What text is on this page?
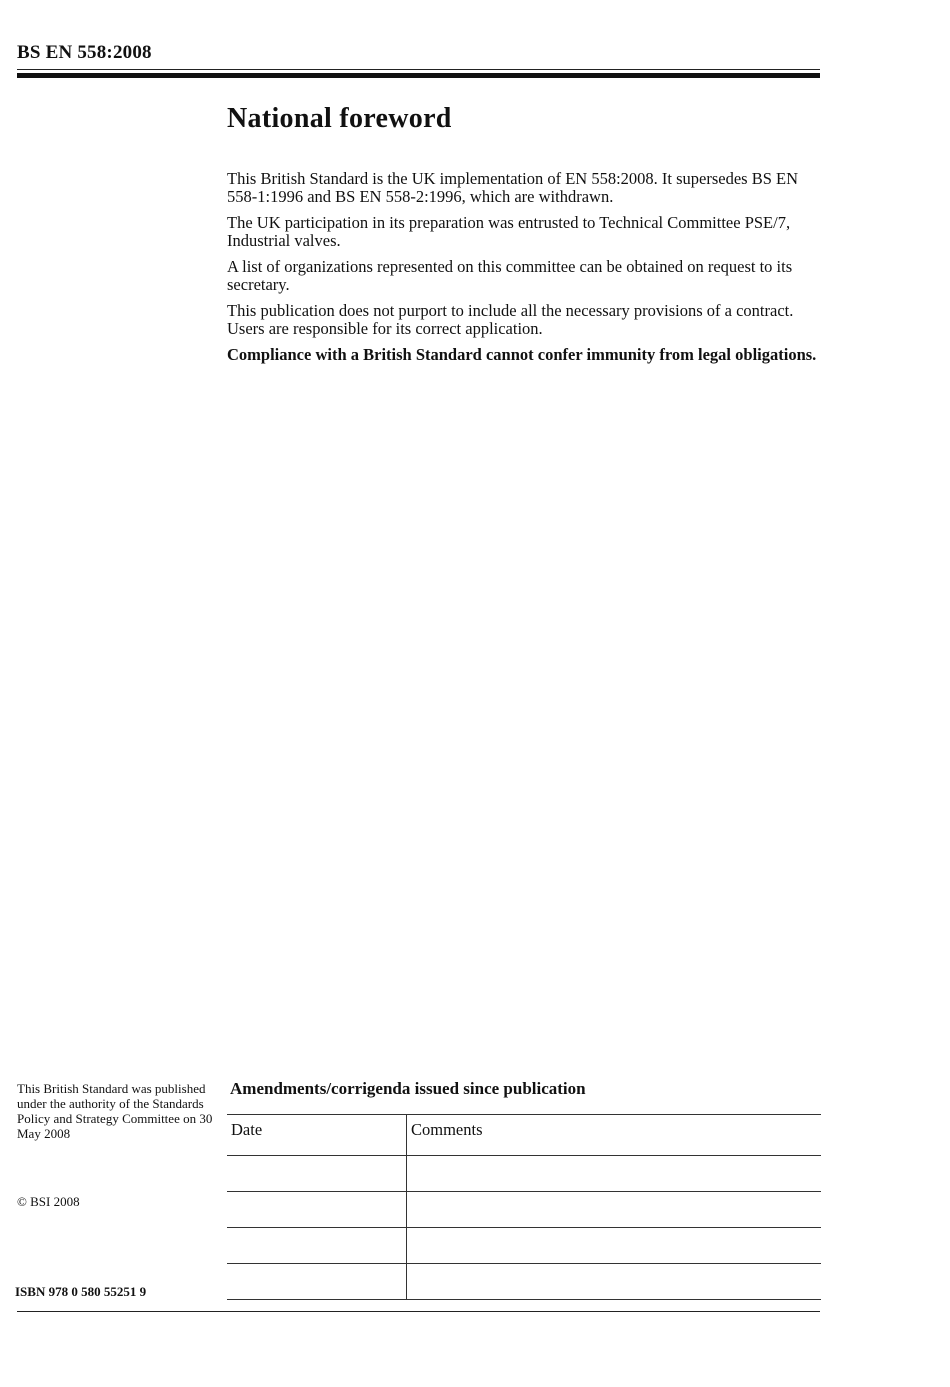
BS EN 558:2008
National foreword

This British Standard is the UK implementation of EN 558:2008. It supersedes BS EN 558-1:1996 and BS EN 558-2:1996, which are withdrawn.

The UK participation in its preparation was entrusted to Technical Committee PSE/7, Industrial valves.

A list of organizations represented on this committee can be obtained on request to its secretary.

This publication does not purport to include all the necessary provisions of a contract. Users are responsible for its correct application.

Compliance with a British Standard cannot confer immunity from legal obligations.

This British Standard was published under the authority of the Standards Policy and Strategy Committee on 30 May 2008
© BSI 2008
ISBN 978 0 580 55251 9
Amendments/corrigenda issued since publication
Date	Comments
